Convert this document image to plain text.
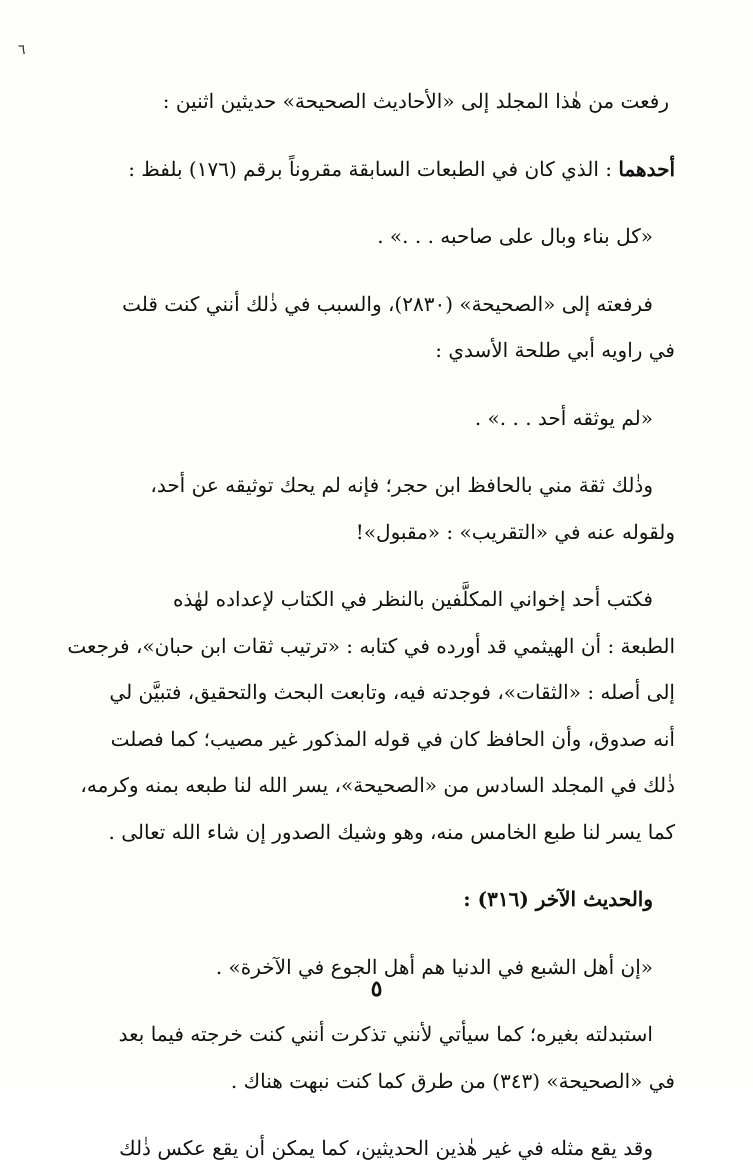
٦

رفعت من هٰذا المجلد إلى «الأحاديث الصحيحة» حديثين اثنين :

أحدهما : الذي كان في الطبعات السابقة مقروناً برقم (١٧٦) بلفظ :

«كل بناء وبال على صاحبه . . .» .

فرفعته إلى «الصحيحة» (٢٨٣٠)، والسبب في ذٰلك أنني كنت قلت
في راويه أبي طلحة الأسدي :

«لم يوثقه أحد . . .» .

وذٰلك ثقة مني بالحافظ ابن حجر؛ فإنه لم يحك توثيقه عن أحد،
ولقوله عنه في «التقريب» : «مقبول»!

فكتب أحد إخواني المكلَّفين بالنظر في الكتاب لإعداده لهٰذه
الطبعة : أن الهيثمي قد أورده في كتابه : «ترتيب ثقات ابن حبان»، فرجعت
إلى أصله : «الثقات»، فوجدته فيه، وتابعت البحث والتحقيق، فتبيَّن لي
أنه صدوق، وأن الحافظ كان في قوله المذكور غير مصيب؛ كما فصلت
ذٰلك في المجلد السادس من «الصحيحة»، يسر الله لنا طبعه بمنه وكرمه،
كما يسر لنا طبع الخامس منه، وهو وشيك الصدور إن شاء الله تعالى .

والحديث الآخر (٣١٦) :

«إن أهل الشبع في الدنيا هم أهل الجوع في الآخرة» .

استبدلته بغيره؛ كما سيأتي لأنني تذكرت أنني كنت خرجته فيما بعد
في «الصحيحة» (٣٤٣) من طرق كما كنت نبهت هناك .

وقد يقع مثله في غير هٰذين الحديثين، كما يمكن أن يقع عكس ذٰلك

٥
